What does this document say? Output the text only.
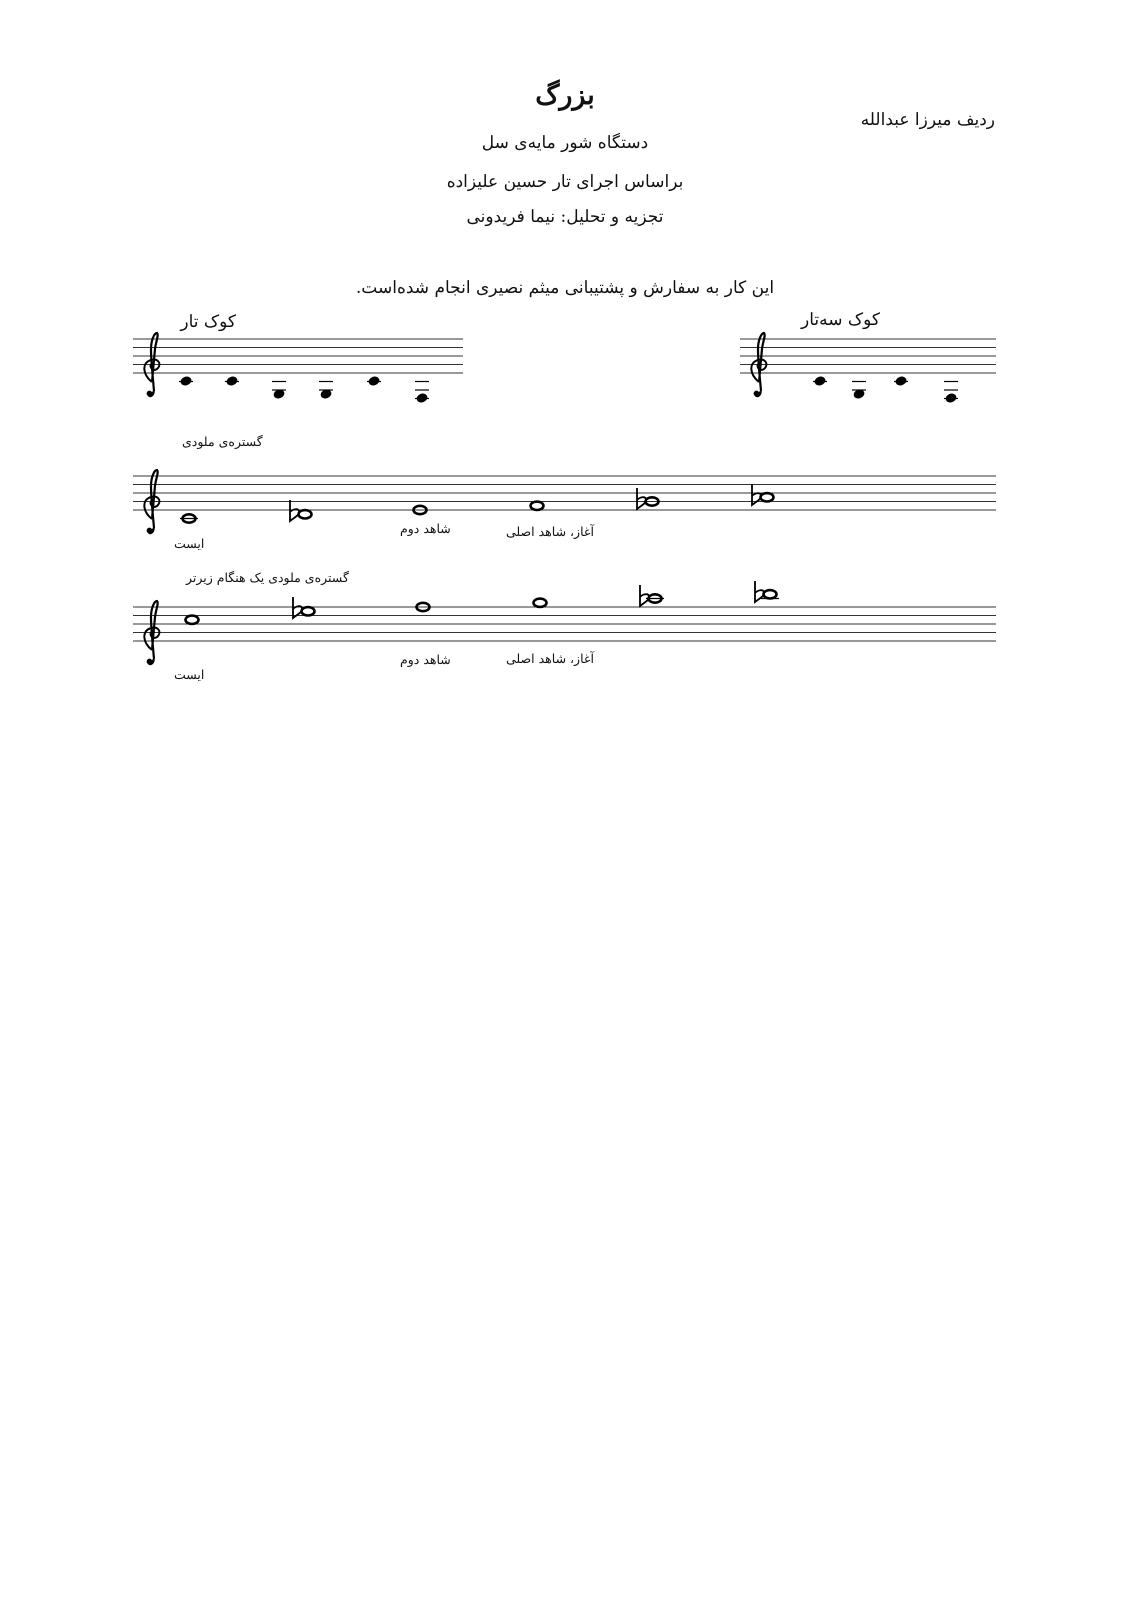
بزرگ
ردیف میرزا عبدالله
دستگاه شور مایه‌ی سل
براساس اجرای تار حسین علیزاده
تجزیه و تحلیل: نیما فریدونی
این کار به سفارش و پشتیبانی میثم نصیری انجام شده‌است.
کوک تار	کوک سه‌تار
گستره‌ی ملودی
ایست
شاهد دوم	آغاز، شاهد اصلی
گستره‌ی ملودی یک هنگام زیرتر
ایست
شاهد دوم	آغاز، شاهد اصلی
